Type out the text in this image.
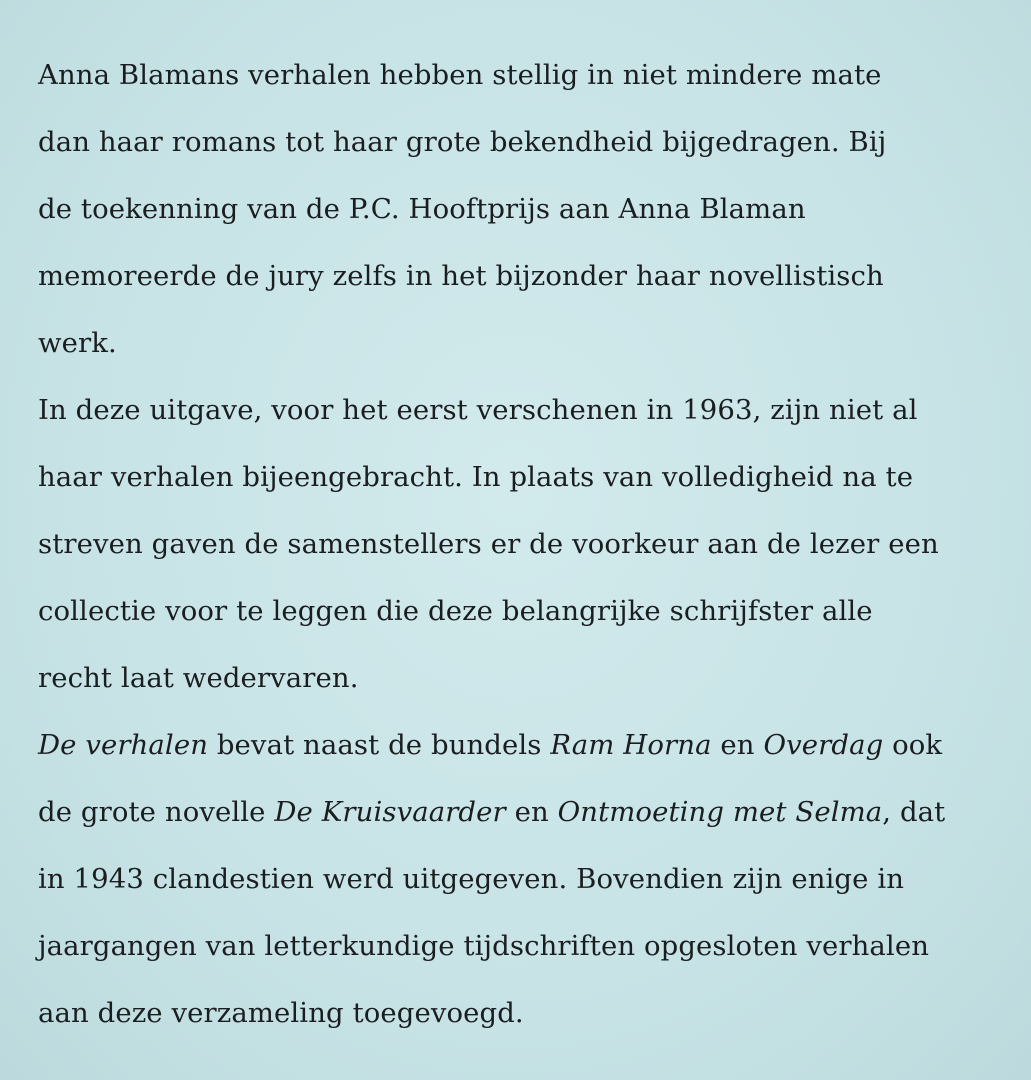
Anna Blamans verhalen hebben stellig in niet mindere mate
dan haar romans tot haar grote bekendheid bijgedragen. Bij
de toekenning van de P.C. Hooftprijs aan Anna Blaman
memoreerde de jury zelfs in het bijzonder haar novellistisch
werk.
In deze uitgave, voor het eerst verschenen in 1963, zijn niet al
haar verhalen bijeengebracht. In plaats van volledigheid na te
streven gaven de samenstellers er de voorkeur aan de lezer een
collectie voor te leggen die deze belangrijke schrijfster alle
recht laat wedervaren.
De verhalen bevat naast de bundels Ram Horna en Overdag ook
de grote novelle De Kruisvaarder en Ontmoeting met Selma, dat
in 1943 clandestien werd uitgegeven. Bovendien zijn enige in
jaargangen van letterkundige tijdschriften opgesloten verhalen
aan deze verzameling toegevoegd.
